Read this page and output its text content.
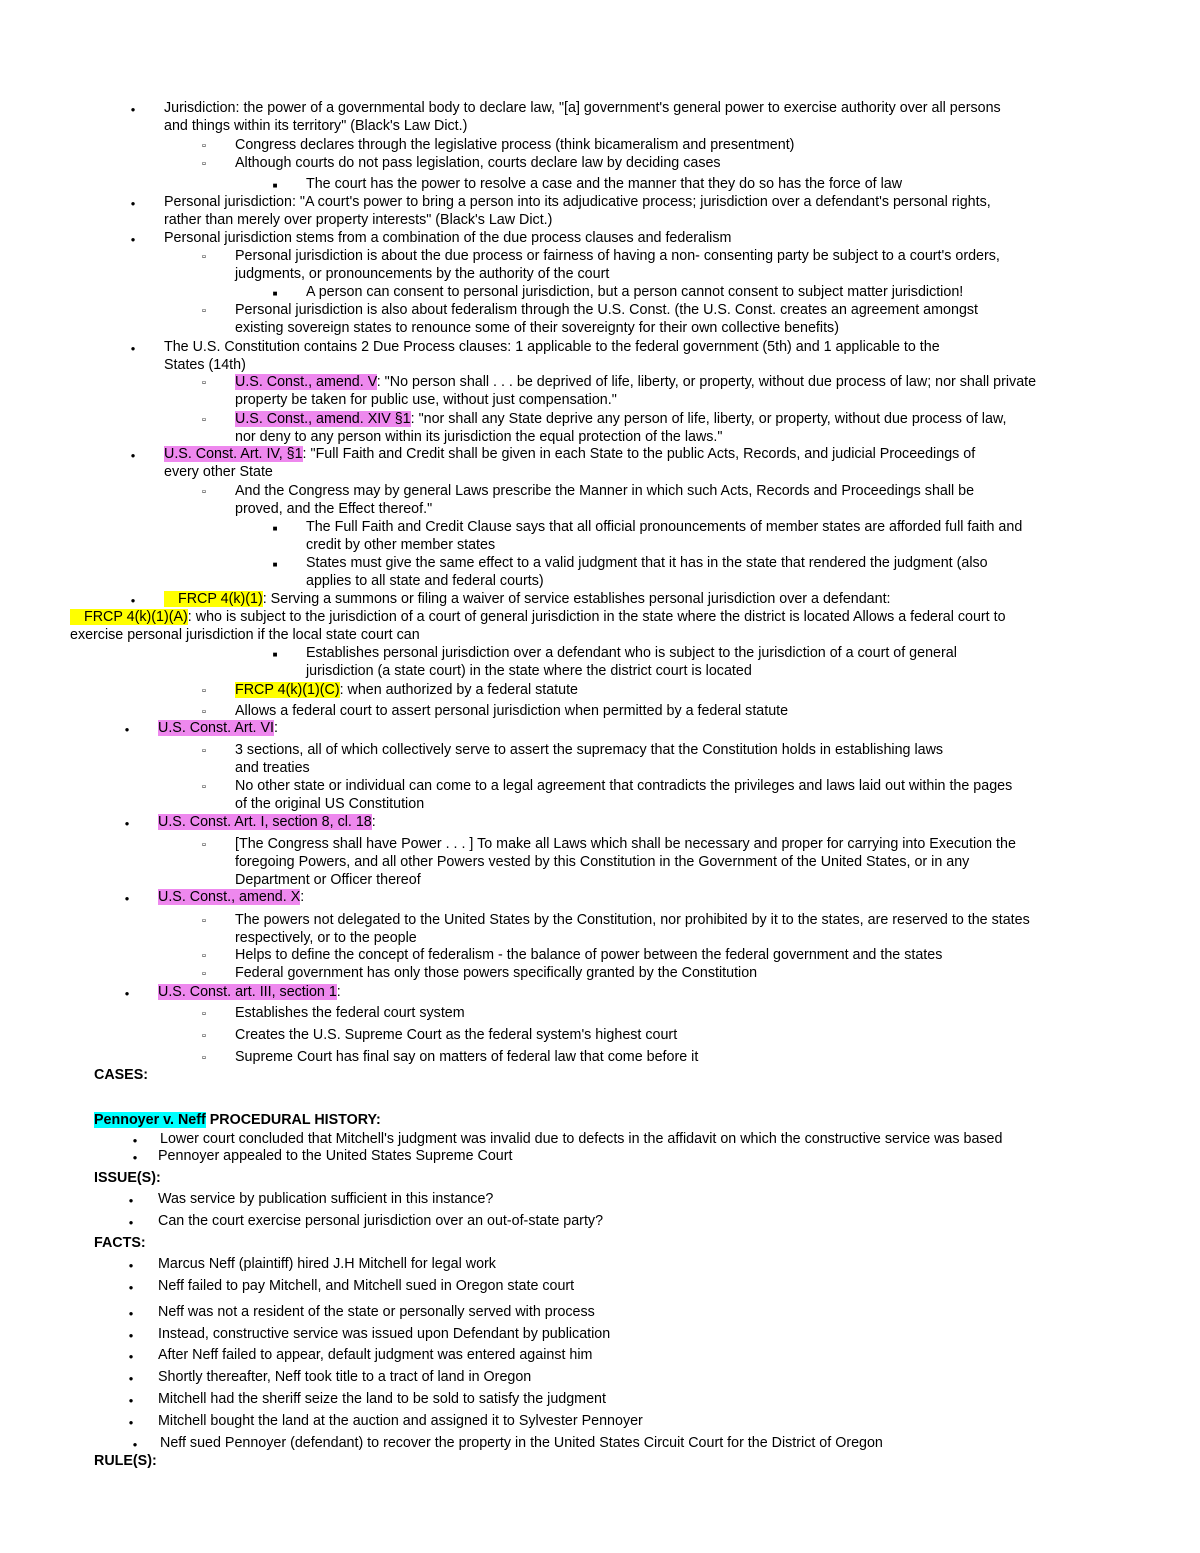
●
Jurisdiction: the power of a governmental body to declare law, "[a] government's general power to exercise authority over all persons
and things within its territory" (Black's Law Dict.)
▫
Congress declares through the legislative process (think bicameralism and presentment)
▫
Although courts do not pass legislation, courts declare law by deciding cases
■
The court has the power to resolve a case and the manner that they do so has the force of law
●
Personal jurisdiction: "A court's power to bring a person into its adjudicative process; jurisdiction over a defendant's personal rights,
rather than merely over property interests" (Black's Law Dict.)
●
Personal jurisdiction stems from a combination of the due process clauses and federalism
▫
Personal jurisdiction is about the due process or fairness of having a non- consenting party be subject to a court's orders,
judgments, or pronouncements by the authority of the court
■
A person can consent to personal jurisdiction, but a person cannot consent to subject matter jurisdiction!
▫
Personal jurisdiction is also about federalism through the U.S. Const. (the U.S. Const. creates an agreement amongst
existing sovereign states to renounce some of their sovereignty for their own collective benefits)
●
The U.S. Constitution contains 2 Due Process clauses: 1 applicable to the federal government (5th) and 1 applicable to the
States (14th)
▫
U.S. Const., amend. V: "No person shall . . . be deprived of life, liberty, or property, without due process of law; nor shall private
property be taken for public use, without just compensation."
▫
U.S. Const., amend. XIV §1: "nor shall any State deprive any person of life, liberty, or property, without due process of law,
nor deny to any person within its jurisdiction the equal protection of the laws."
●
U.S. Const. Art. IV, §1: "Full Faith and Credit shall be given in each State to the public Acts, Records, and judicial Proceedings of
every other State
▫
And the Congress may by general Laws prescribe the Manner in which such Acts, Records and Proceedings shall be
proved, and the Effect thereof."
■
The Full Faith and Credit Clause says that all official pronouncements of member states are afforded full faith and
credit by other member states
■
States must give the same effect to a valid judgment that it has in the state that rendered the judgment (also
applies to all state and federal courts)
●
FRCP 4(k)(1): Serving a summons or filing a waiver of service establishes personal jurisdiction over a defendant:
FRCP 4(k)(1)(A): who is subject to the jurisdiction of a court of general jurisdiction in the state where the district is located Allows a federal court to
exercise personal jurisdiction if the local state court can
■
Establishes personal jurisdiction over a defendant who is subject to the jurisdiction of a court of general
jurisdiction (a state court) in the state where the district court is located
▫
FRCP 4(k)(1)(C): when authorized by a federal statute
▫
Allows a federal court to assert personal jurisdiction when permitted by a federal statute
●
U.S. Const. Art. VI:
▫
3 sections, all of which collectively serve to assert the supremacy that the Constitution holds in establishing laws
and treaties
▫
No other state or individual can come to a legal agreement that contradicts the privileges and laws laid out within the pages
of the original US Constitution
●
U.S. Const. Art. I, section 8, cl. 18:
▫
[The Congress shall have Power . . . ] To make all Laws which shall be necessary and proper for carrying into Execution the
foregoing Powers, and all other Powers vested by this Constitution in the Government of the United States, or in any
Department or Officer thereof
●
U.S. Const., amend. X:
▫
The powers not delegated to the United States by the Constitution, nor prohibited by it to the states, are reserved to the states
respectively, or to the people
▫
Helps to define the concept of federalism - the balance of power between the federal government and the states
▫
Federal government has only those powers specifically granted by the Constitution
●
U.S. Const. art. III, section 1:
▫
Establishes the federal court system
▫
Creates the U.S. Supreme Court as the federal system's highest court
▫
Supreme Court has final say on matters of federal law that come before it
CASES:
Pennoyer v. Neff PROCEDURAL HISTORY:
●
Lower court concluded that Mitchell's judgment was invalid due to defects in the affidavit on which the constructive service was based
●
Pennoyer appealed to the United States Supreme Court
ISSUE(S):
●
Was service by publication sufficient in this instance?
●
Can the court exercise personal jurisdiction over an out-of-state party?
FACTS:
●
Marcus Neff (plaintiff) hired J.H Mitchell for legal work
●
Neff failed to pay Mitchell, and Mitchell sued in Oregon state court
●
Neff was not a resident of the state or personally served with process
●
Instead, constructive service was issued upon Defendant by publication
●
After Neff failed to appear, default judgment was entered against him
●
Shortly thereafter, Neff took title to a tract of land in Oregon
●
Mitchell had the sheriff seize the land to be sold to satisfy the judgment
●
Mitchell bought the land at the auction and assigned it to Sylvester Pennoyer
●
Neff sued Pennoyer (defendant) to recover the property in the United States Circuit Court for the District of Oregon
RULE(S):
